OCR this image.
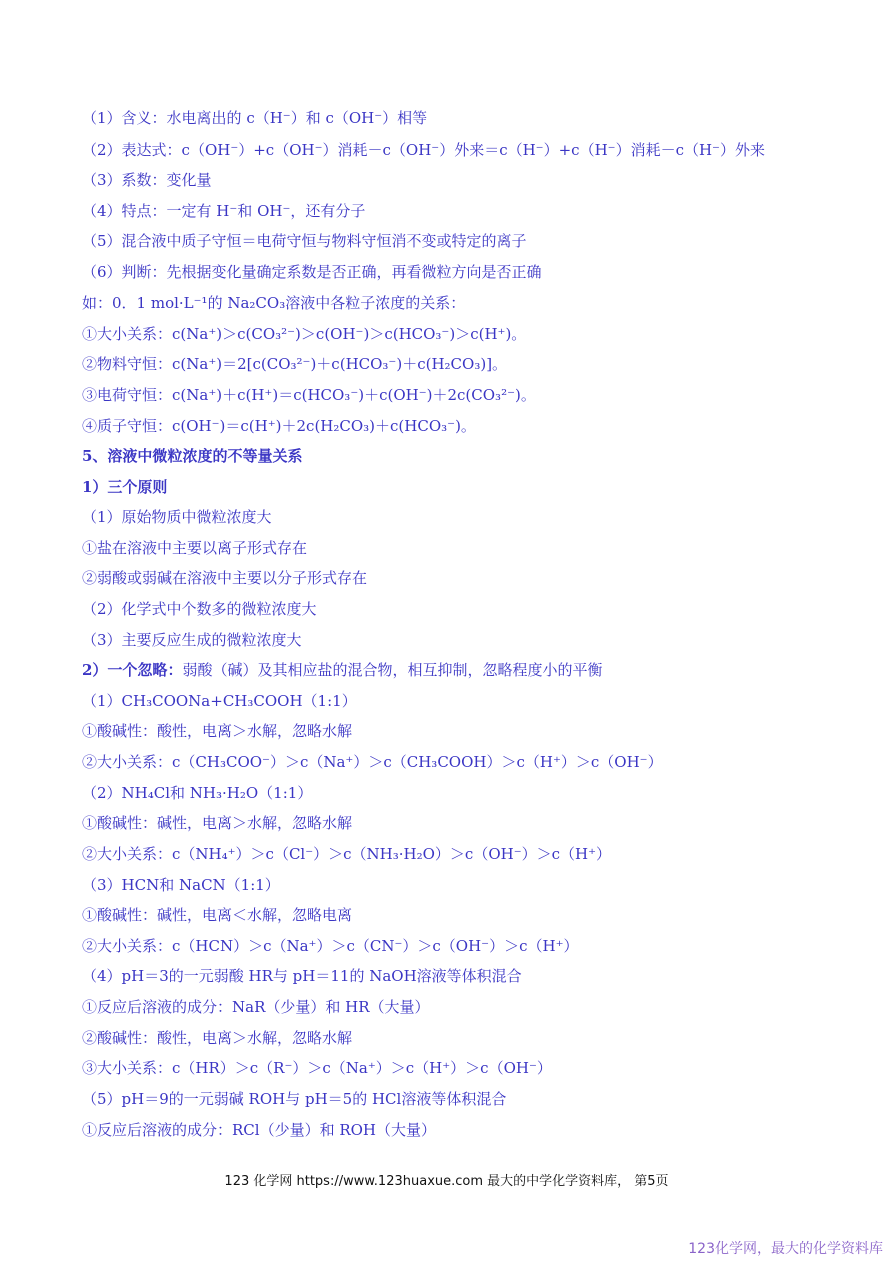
（1）含义：水电离出的 c（H⁻）和 c（OH⁻）相等
（2）表达式：c（OH⁻）+c（OH⁻）消耗－c（OH⁻）外来＝c（H⁻）+c（H⁻）消耗－c（H⁻）外来
（3）系数：变化量
（4）特点：一定有 H⁻和 OH⁻，还有分子
（5）混合液中质子守恒＝电荷守恒与物料守恒消不变或特定的离子
（6）判断：先根据变化量确定系数是否正确，再看微粒方向是否正确
如：0．1 mol·L⁻¹的 Na₂CO₃溶液中各粒子浓度的关系：
①大小关系：c(Na⁺)＞c(CO₃²⁻)＞c(OH⁻)＞c(HCO₃⁻)＞c(H⁺)。
②物料守恒：c(Na⁺)＝2[c(CO₃²⁻)＋c(HCO₃⁻)＋c(H₂CO₃)]。
③电荷守恒：c(Na⁺)＋c(H⁺)＝c(HCO₃⁻)＋c(OH⁻)＋2c(CO₃²⁻)。
④质子守恒：c(OH⁻)＝c(H⁺)＋2c(H₂CO₃)＋c(HCO₃⁻)。
5、溶液中微粒浓度的不等量关系
1）三个原则
（1）原始物质中微粒浓度大
①盐在溶液中主要以离子形式存在
②弱酸或弱碱在溶液中主要以分子形式存在
（2）化学式中个数多的微粒浓度大
（3）主要反应生成的微粒浓度大
2）一个忽略：弱酸（碱）及其相应盐的混合物，相互抑制，忽略程度小的平衡
（1）CH₃COONa+CH₃COOH（1:1）
①酸碱性：酸性，电离＞水解，忽略水解
②大小关系：c（CH₃COO⁻）＞c（Na⁺）＞c（CH₃COOH）＞c（H⁺）＞c（OH⁻）
（2）NH₄Cl和 NH₃·H₂O（1:1）
①酸碱性：碱性，电离＞水解，忽略水解
②大小关系：c（NH₄⁺）＞c（Cl⁻）＞c（NH₃·H₂O）＞c（OH⁻）＞c（H⁺）
（3）HCN和 NaCN（1:1）
①酸碱性：碱性，电离＜水解，忽略电离
②大小关系：c（HCN）＞c（Na⁺）＞c（CN⁻）＞c（OH⁻）＞c（H⁺）
（4）pH＝3的一元弱酸 HR与 pH＝11的 NaOH溶液等体积混合
①反应后溶液的成分：NaR（少量）和 HR（大量）
②酸碱性：酸性，电离＞水解，忽略水解
③大小关系：c（HR）＞c（R⁻）＞c（Na⁺）＞c（H⁺）＞c（OH⁻）
（5）pH＝9的一元弱碱 ROH与 pH＝5的 HCl溶液等体积混合
①反应后溶液的成分：RCl（少量）和 ROH（大量）
123 化学网 https://www.123huaxue.com 最大的中学化学资料库， 第5页
123化学网，最大的化学资料库
